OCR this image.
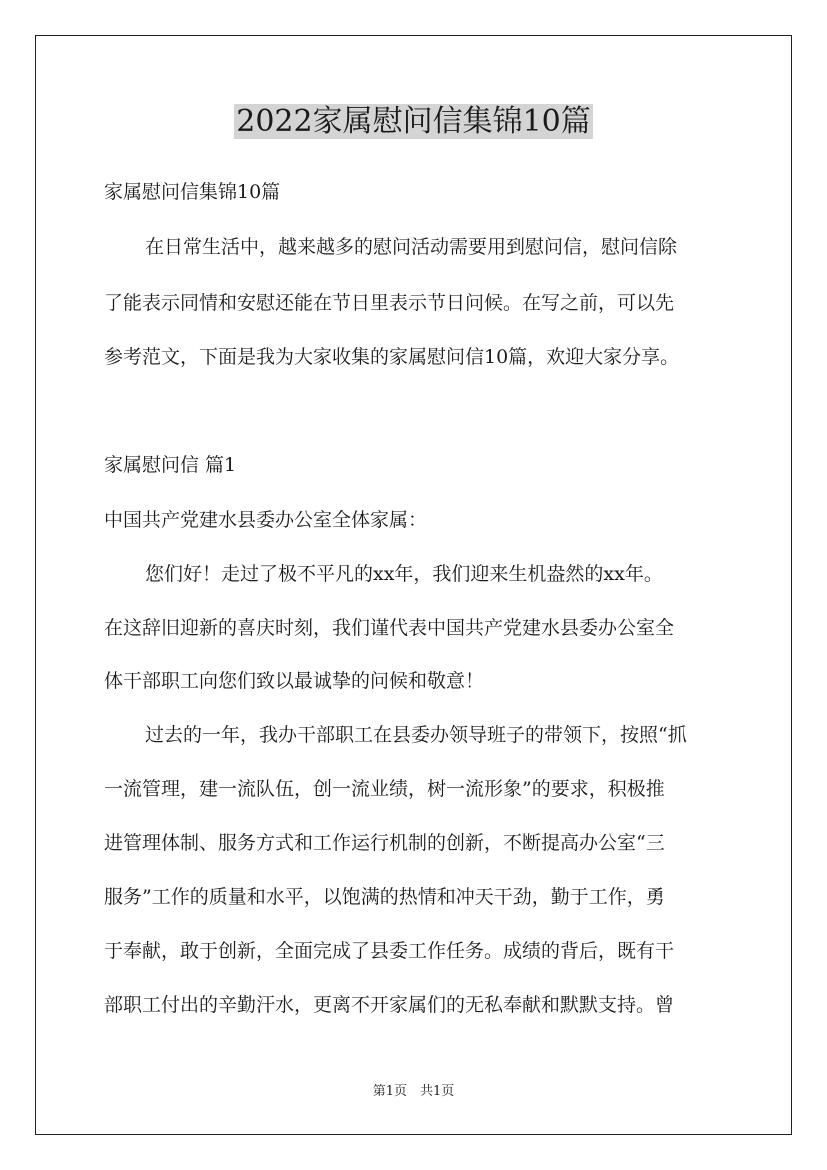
2022家属慰问信集锦10篇
家属慰问信集锦10篇
在日常生活中，越来越多的慰问活动需要用到慰问信，慰问信除
了能表示同情和安慰还能在节日里表示节日问候。在写之前，可以先
参考范文，下面是我为大家收集的家属慰问信10篇，欢迎大家分享。
家属慰问信 篇1
中国共产党建水县委办公室全体家属：
您们好！走过了极不平凡的xx年，我们迎来生机盎然的xx年。
在这辞旧迎新的喜庆时刻，我们谨代表中国共产党建水县委办公室全
体干部职工向您们致以最诚挚的问候和敬意！
过去的一年，我办干部职工在县委办领导班子的带领下，按照“抓
一流管理，建一流队伍，创一流业绩，树一流形象”的要求，积极推
进管理体制、服务方式和工作运行机制的创新，不断提高办公室“三
服务”工作的质量和水平，以饱满的热情和冲天干劲，勤于工作，勇
于奉献，敢于创新，全面完成了县委工作任务。成绩的背后，既有干
部职工付出的辛勤汗水，更离不开家属们的无私奉献和默默支持。曾
第1页　共1页
